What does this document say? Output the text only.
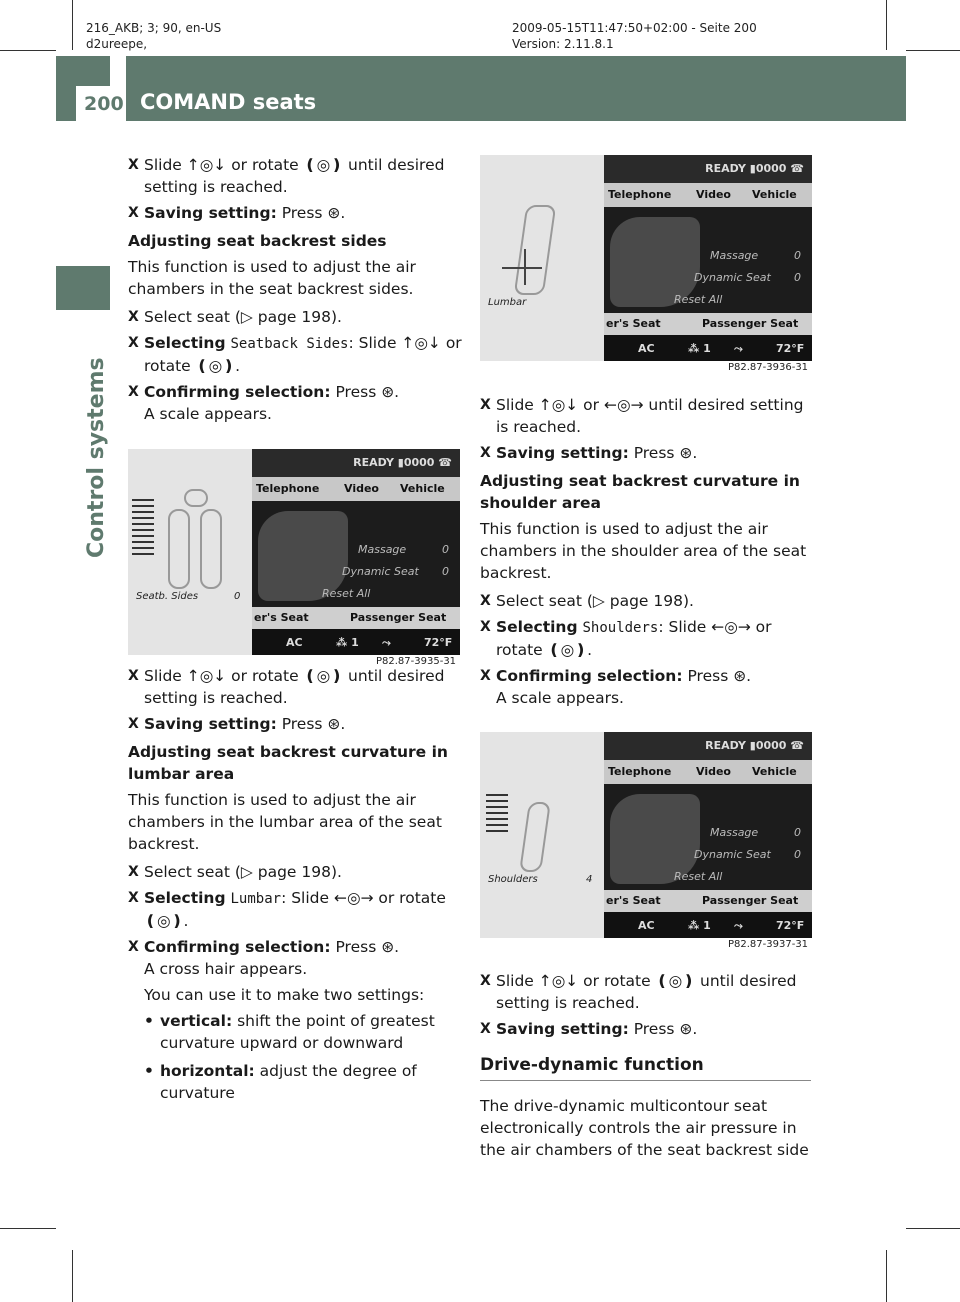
216_AKB; 3; 90, en-US
d2ureepe,
2009-05-15T11:47:50+02:00 - Seite 200
Version: 2.11.8.1
200 COMAND seats
Control systems
X Slide ↑◎↓ or rotate ❪◎❫ until desired setting is reached.
X Saving setting: Press ⊛.
Adjusting seat backrest sides
This function is used to adjust the air chambers in the seat backrest sides.
X Select seat (▷ page 198).
X Selecting Seatback Sides: Slide ↑◎↓ or rotate ❪◎❫.
X Confirming selection: Press ⊛.
A scale appears.
X Slide ↑◎↓ or rotate ❪◎❫ until desired setting is reached.
X Saving setting: Press ⊛.
Adjusting seat backrest curvature in lumbar area
This function is used to adjust the air chambers in the lumbar area of the seat backrest.
X Select seat (▷ page 198).
X Selecting Lumbar: Slide ←◎→ or rotate ❪◎❫.
X Confirming selection: Press ⊛.
A cross hair appears.
You can use it to make two settings:
• vertical: shift the point of greatest curvature upward or downward
• horizontal: adjust the degree of curvature
Seatb. Sides	0
READY ▮0000 ☎
Telephone Video Vehicle
Massage	0
Dynamic Seat 0
Reset All
er's Seat	Passenger Seat
AC	⁂ 1 ⤳	72°F
P82.87-3935-31
Lumbar
READY ▮0000 ☎
Telephone Video Vehicle
Massage	0
Dynamic Seat 0
Reset All
er's Seat	Passenger Seat
AC	⁂ 1 ⤳	72°F
P82.87-3936-31
X Slide ↑◎↓ or ←◎→ until desired setting is reached.
X Saving setting: Press ⊛.
Adjusting seat backrest curvature in shoulder area
This function is used to adjust the air chambers in the shoulder area of the seat backrest.
X Select seat (▷ page 198).
X Selecting Shoulders: Slide ←◎→ or rotate ❪◎❫.
X Confirming selection: Press ⊛.
A scale appears.
Shoulders	4
READY ▮0000 ☎
Telephone Video Vehicle
Massage	0
Dynamic Seat 0
Reset All
er's Seat	Passenger Seat
AC	⁂ 1 ⤳	72°F
P82.87-3937-31
X Slide ↑◎↓ or rotate ❪◎❫ until desired setting is reached.
X Saving setting: Press ⊛.
Drive-dynamic function
The drive-dynamic multicontour seat electronically controls the air pressure in the air chambers of the seat backrest side
